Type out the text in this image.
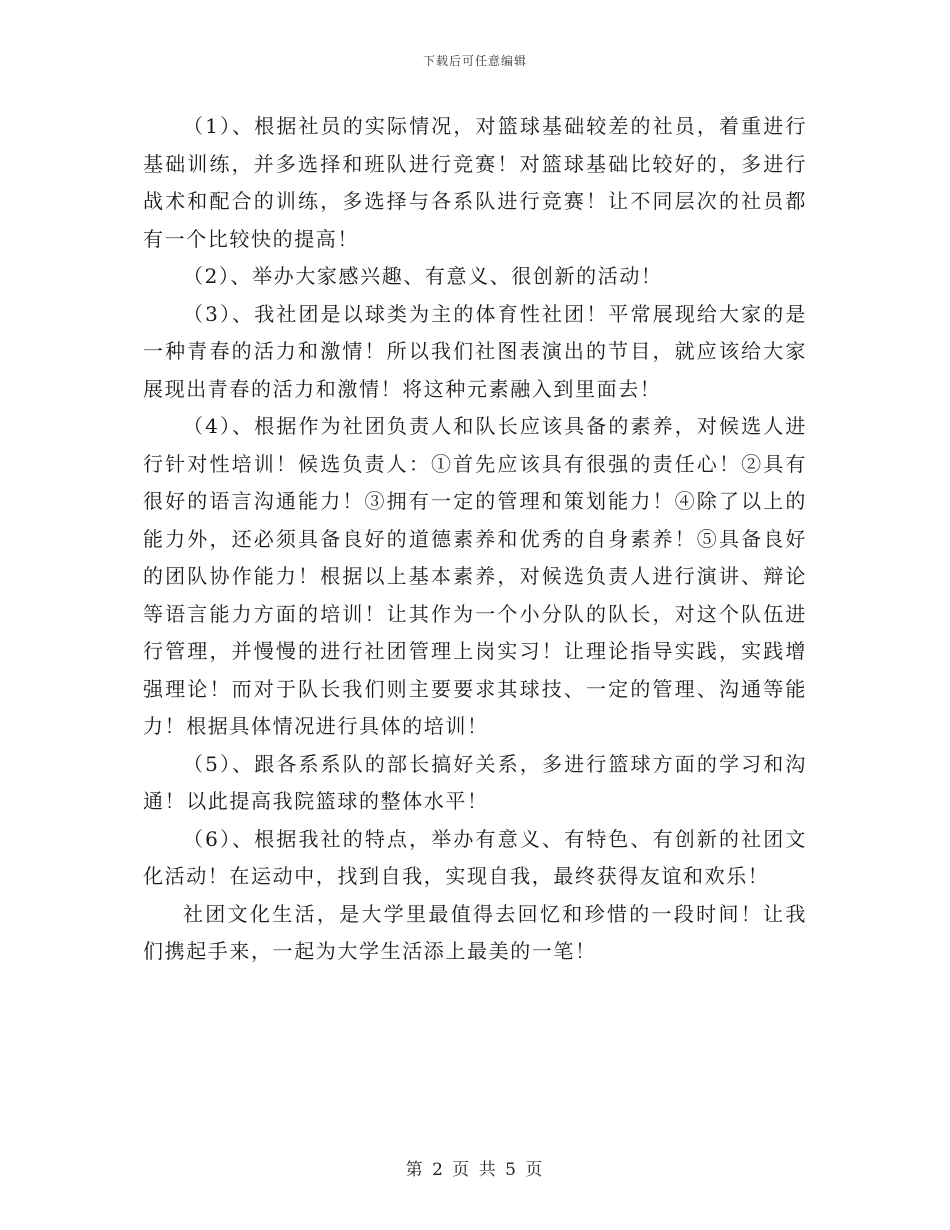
下载后可任意编辑

（1）、根据社员的实际情况，对篮球基础较差的社员，着重进行基础训练，并多选择和班队进行竞赛！对篮球基础比较好的，多进行战术和配合的训练，多选择与各系队进行竞赛！让不同层次的社员都有一个比较快的提高！

（2）、举办大家感兴趣、有意义、很创新的活动！

（3）、我社团是以球类为主的体育性社团！平常展现给大家的是一种青春的活力和激情！所以我们社图表演出的节目，就应该给大家展现出青春的活力和激情！将这种元素融入到里面去！

（4）、根据作为社团负责人和队长应该具备的素养，对候选人进行针对性培训！候选负责人：①首先应该具有很强的责任心！②具有很好的语言沟通能力！③拥有一定的管理和策划能力！④除了以上的能力外，还必须具备良好的道德素养和优秀的自身素养！⑤具备良好的团队协作能力！根据以上基本素养，对候选负责人进行演讲、辩论等语言能力方面的培训！让其作为一个小分队的队长，对这个队伍进行管理，并慢慢的进行社团管理上岗实习！让理论指导实践，实践增强理论！而对于队长我们则主要要求其球技、一定的管理、沟通等能力！根据具体情况进行具体的培训！

（5）、跟各系系队的部长搞好关系，多进行篮球方面的学习和沟通！以此提高我院篮球的整体水平！

（6）、根据我社的特点，举办有意义、有特色、有创新的社团文化活动！在运动中，找到自我，实现自我，最终获得友谊和欢乐！

社团文化生活，是大学里最值得去回忆和珍惜的一段时间！让我们携起手来，一起为大学生活添上最美的一笔！

第 2 页 共 5 页
